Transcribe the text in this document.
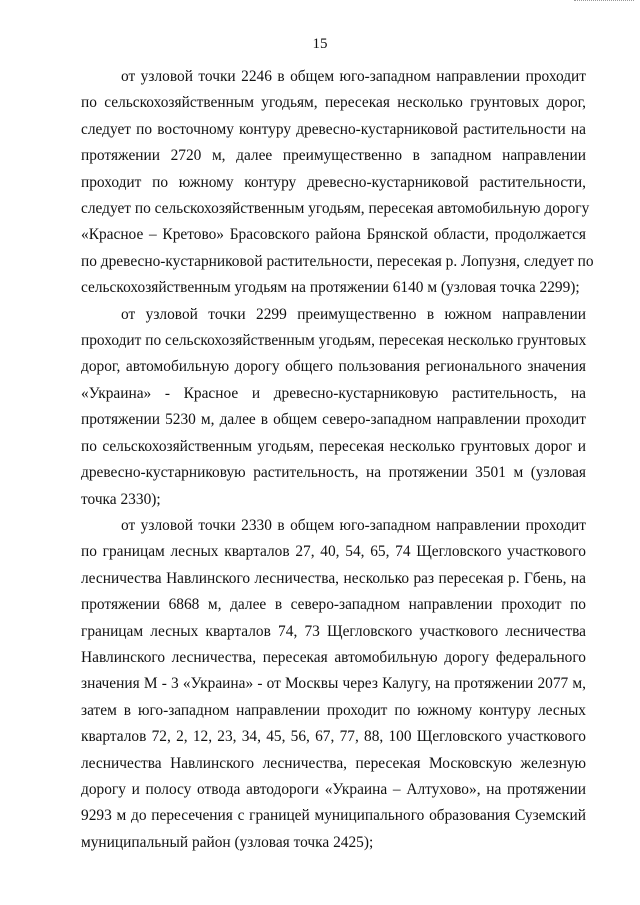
15

от узловой точки 2246 в общем юго-западном направлении проходит
по сельскохозяйственным угодьям, пересекая несколько грунтовых дорог,
следует по восточному контуру древесно-кустарниковой растительности на
протяжении 2720 м, далее преимущественно в западном направлении
проходит по южному контуру древесно-кустарниковой растительности,
следует по сельскохозяйственным угодьям, пересекая автомобильную дорогу
«Красное – Кретово» Брасовского района Брянской области, продолжается
по древесно-кустарниковой растительности, пересекая р. Лопузня, следует по
сельскохозяйственным угодьям на протяжении 6140 м (узловая точка 2299);

от узловой точки 2299 преимущественно в южном направлении
проходит по сельскохозяйственным угодьям, пересекая несколько грунтовых
дорог, автомобильную дорогу общего пользования регионального значения
«Украина» - Красное и древесно-кустарниковую растительность, на
протяжении 5230 м, далее в общем северо-западном направлении проходит
по сельскохозяйственным угодьям, пересекая несколько грунтовых дорог и
древесно-кустарниковую растительность, на протяжении 3501 м (узловая
точка 2330);

от узловой точки 2330 в общем юго-западном направлении проходит
по границам лесных кварталов 27, 40, 54, 65, 74 Щегловского участкового
лесничества Навлинского лесничества, несколько раз пересекая р. Гбень, на
протяжении 6868 м, далее в северо-западном направлении проходит по
границам лесных кварталов 74, 73 Щегловского участкового лесничества
Навлинского лесничества, пересекая автомобильную дорогу федерального
значения М - 3 «Украина» - от Москвы через Калугу, на протяжении 2077 м,
затем в юго-западном направлении проходит по южному контуру лесных
кварталов 72, 2, 12, 23, 34, 45, 56, 67, 77, 88, 100 Щегловского участкового
лесничества Навлинского лесничества, пересекая Московскую железную
дорогу и полосу отвода автодороги «Украина – Алтухово», на протяжении
9293 м до пересечения с границей муниципального образования Суземский
муниципальный район (узловая точка 2425);
